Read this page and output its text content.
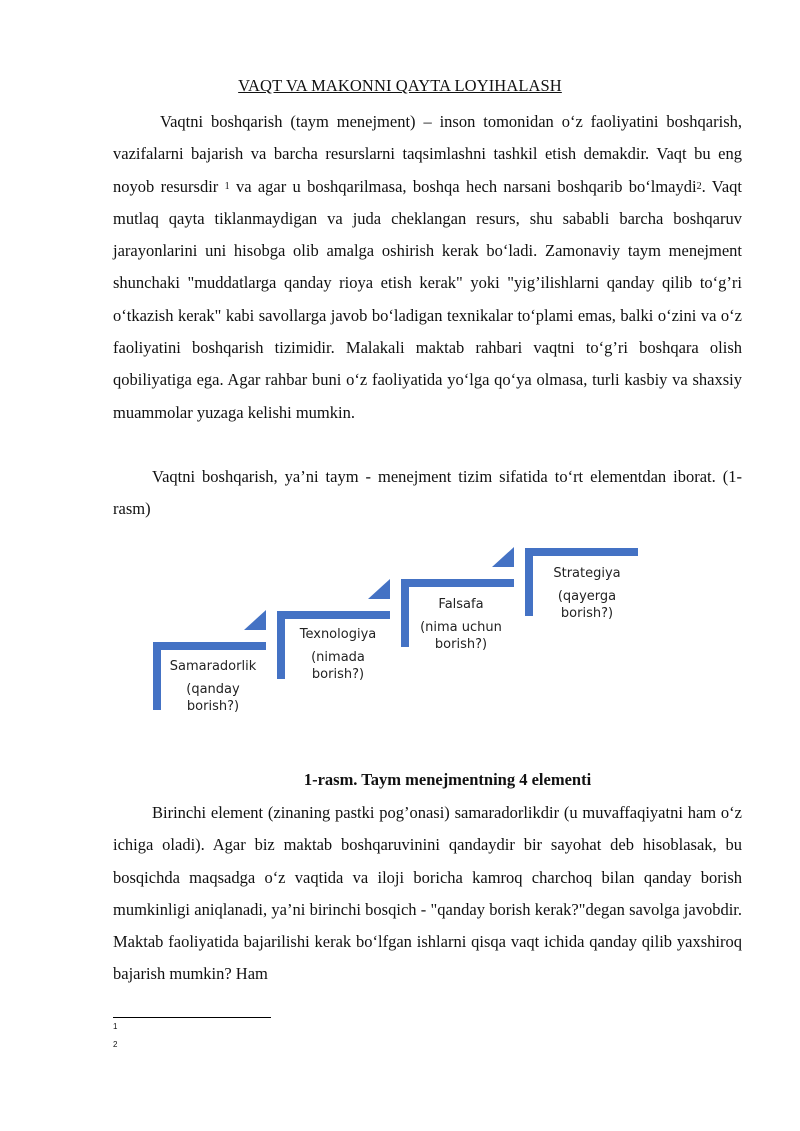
VAQT VA MAKONNI QAYTA LOYIHALASH

Vaqtni boshqarish (taym menejment) – inson tomonidan o‘z faoliyatini boshqarish, vazifalarni bajarish va barcha resurslarni taqsimlashni tashkil etish demakdir. Vaqt bu eng noyob resursdir $^1$ va agar u boshqarilmasa, boshqa hech narsani boshqarib bo‘lmaydi$^2$. Vaqt mutlaq qayta tiklanmaydigan va juda cheklangan resurs, shu sababli barcha boshqaruv jarayonlarini uni hisobga olib amalga oshirish kerak bo‘ladi. Zamonaviy taym menejment shunchaki "muddatlarga qanday rioya etish kerak" yoki "yig’ilishlarni qanday qilib to‘g’ri o‘tkazish kerak" kabi savollarga javob bo‘ladigan texnikalar to‘plami emas, balki o‘zini va o‘z faoliyatini boshqarish tizimidir. Malakali maktab rahbari vaqtni to‘g’ri boshqara olish qobiliyatiga ega. Agar rahbar buni o‘z faoliyatida yo‘lga qo‘ya olmasa, turli kasbiy va shaxsiy muammolar yuzaga kelishi mumkin.

Vaqtni boshqarish, ya’ni taym - menejment tizim sifatida to‘rt elementdan iborat. (1-rasm)

Samaradorlik
(qanday borish?)
Texnologiya
(nimada borish?)
Falsafa
(nima uchun borish?)
Strategiya
(qayerga borish?)
1-rasm. Taym menejmentning 4 elementi

Birinchi element (zinaning pastki pog’onasi) samaradorlikdir (u muvaffaqiyatni ham o‘z ichiga oladi). Agar biz maktab boshqaruvinini qandaydir bir sayohat deb hisoblasak, bu bosqichda maqsadga o‘z vaqtida va iloji boricha kamroq charchoq bilan qanday borish mumkinligi aniqlanadi, ya’ni birinchi bosqich - "qanday borish kerak?"degan savolga javobdir. Maktab faoliyatida bajarilishi kerak bo‘lfgan ishlarni qisqa vaqt ichida qanday qilib yaxshiroq bajarish mumkin? Ham

1
2
